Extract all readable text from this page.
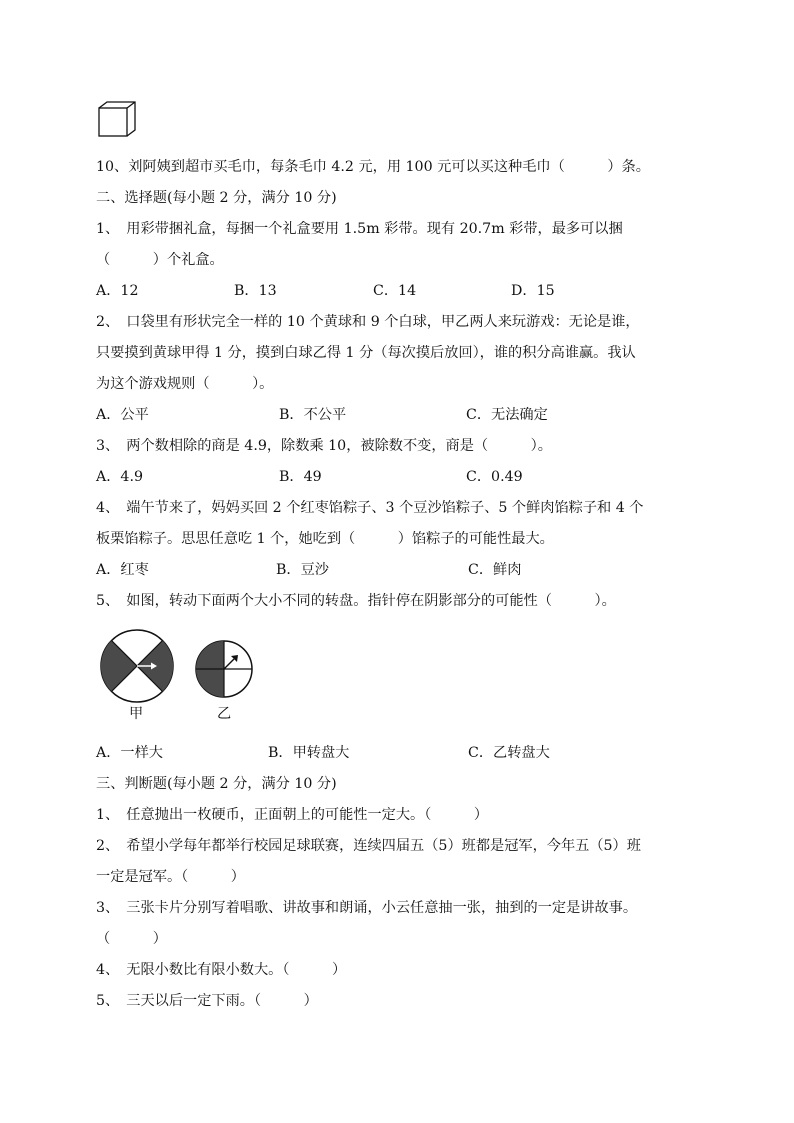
10、刘阿姨到超市买毛巾，每条毛巾 4.2 元，用 100 元可以买这种毛巾（　　　）条。
二、选择题(每小题 2 分，满分 10 分)
1、　用彩带捆礼盒，每捆一个礼盒要用 1.5m 彩带。现有 20.7m 彩带，最多可以捆
（　　　）个礼盒。
A．12	B．13	C．14	D．15
2、　口袋里有形状完全一样的 10 个黄球和 9 个白球，甲乙两人来玩游戏：无论是谁，
只要摸到黄球甲得 1 分，摸到白球乙得 1 分（每次摸后放回），谁的积分高谁赢。我认
为这个游戏规则（　　　）。
A．公平	B．不公平	C．无法确定
3、　两个数相除的商是 4.9，除数乘 10，被除数不变，商是（　　　）。
A．4.9	B．49	C．0.49
4、　端午节来了，妈妈买回 2 个红枣馅粽子、3 个豆沙馅粽子、5 个鲜肉馅粽子和 4 个
板栗馅粽子。思思任意吃 1 个，她吃到（　　　）馅粽子的可能性最大。
A．红枣	B．豆沙	C．鲜肉
5、　如图，转动下面两个大小不同的转盘。指针停在阴影部分的可能性（　　　）。
甲	乙
A．一样大	B．甲转盘大	C．乙转盘大
三、判断题(每小题 2 分，满分 10 分)
1、　任意抛出一枚硬币，正面朝上的可能性一定大。（　　　）
2、　希望小学每年都举行校园足球联赛，连续四届五（5）班都是冠军，今年五（5）班
一定是冠军。（　　　）
3、　三张卡片分别写着唱歌、讲故事和朗诵，小云任意抽一张，抽到的一定是讲故事。
（　　　）
4、　无限小数比有限小数大。（　　　）
5、　三天以后一定下雨。（　　　）
